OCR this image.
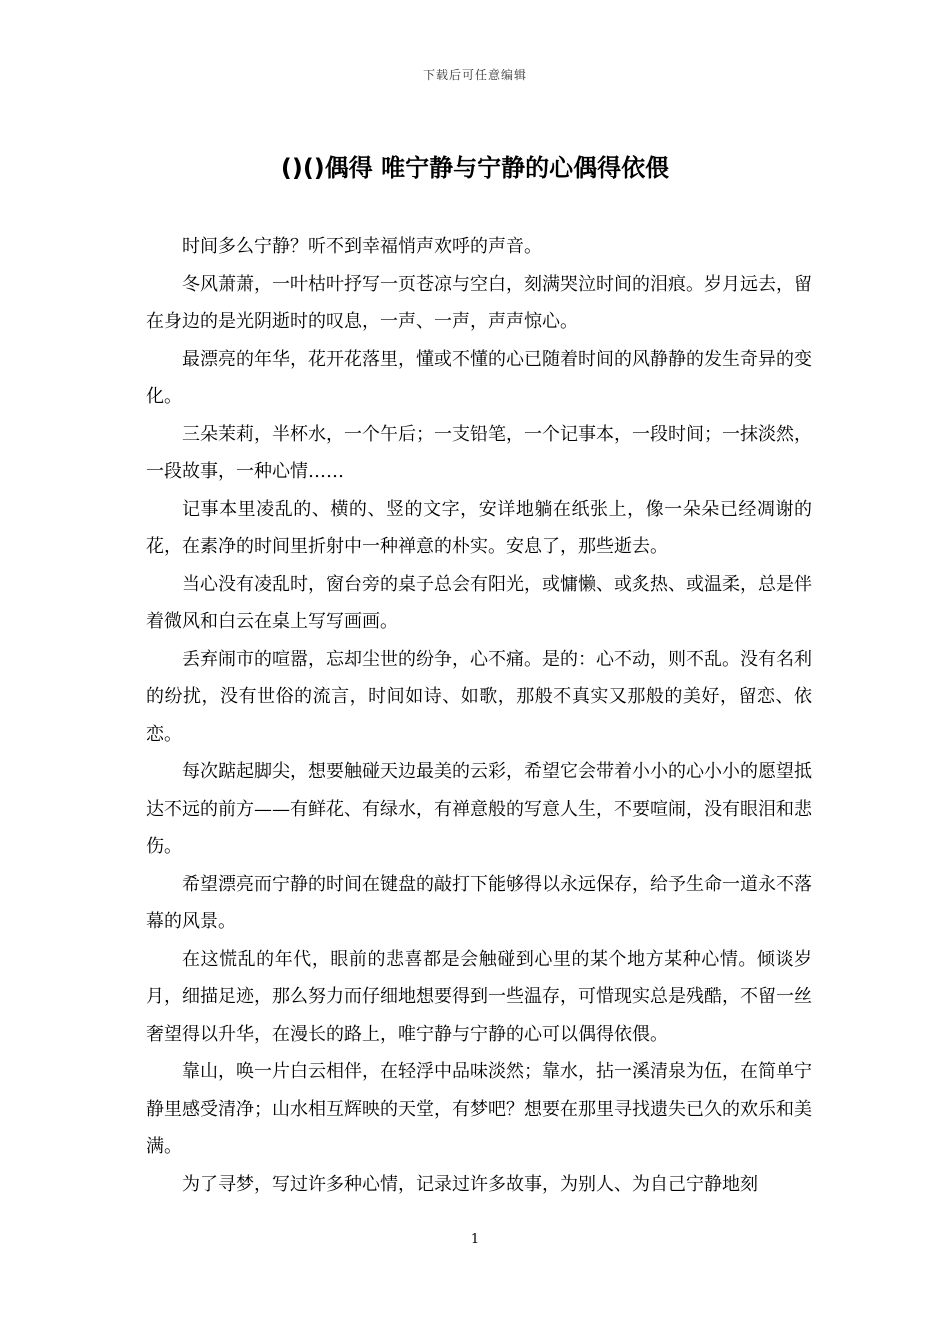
下载后可任意编辑
()()偶得 唯宁静与宁静的心偶得依偎

时间多么宁静？听不到幸福悄声欢呼的声音。

冬风萧萧，一叶枯叶抒写一页苍凉与空白，刻满哭泣时间的泪痕。岁月远去，留在身边的是光阴逝时的叹息，一声、一声，声声惊心。

最漂亮的年华，花开花落里，懂或不懂的心已随着时间的风静静的发生奇异的变化。

三朵茉莉，半杯水，一个午后；一支铅笔，一个记事本，一段时间；一抹淡然，一段故事，一种心情……

记事本里凌乱的、横的、竖的文字，安详地躺在纸张上，像一朵朵已经凋谢的花，在素净的时间里折射中一种禅意的朴实。安息了，那些逝去。

当心没有凌乱时，窗台旁的桌子总会有阳光，或慵懒、或炙热、或温柔，总是伴着微风和白云在桌上写写画画。

丢弃闹市的喧嚣，忘却尘世的纷争，心不痛。是的：心不动，则不乱。没有名利的纷扰，没有世俗的流言，时间如诗、如歌，那般不真实又那般的美好，留恋、依恋。

每次踮起脚尖，想要触碰天边最美的云彩，希望它会带着小小的心小小的愿望抵达不远的前方——有鲜花、有绿水，有禅意般的写意人生，不要喧闹，没有眼泪和悲伤。

希望漂亮而宁静的时间在键盘的敲打下能够得以永远保存，给予生命一道永不落幕的风景。

在这慌乱的年代，眼前的悲喜都是会触碰到心里的某个地方某种心情。倾谈岁月，细描足迹，那么努力而仔细地想要得到一些温存，可惜现实总是残酷，不留一丝奢望得以升华，在漫长的路上，唯宁静与宁静的心可以偶得依偎。

靠山，唤一片白云相伴，在轻浮中品味淡然；靠水，拈一溪清泉为伍，在简单宁静里感受清净；山水相互辉映的天堂，有梦吧？想要在那里寻找遗失已久的欢乐和美满。

为了寻梦，写过许多种心情，记录过许多故事，为别人、为自己宁静地刻

1
